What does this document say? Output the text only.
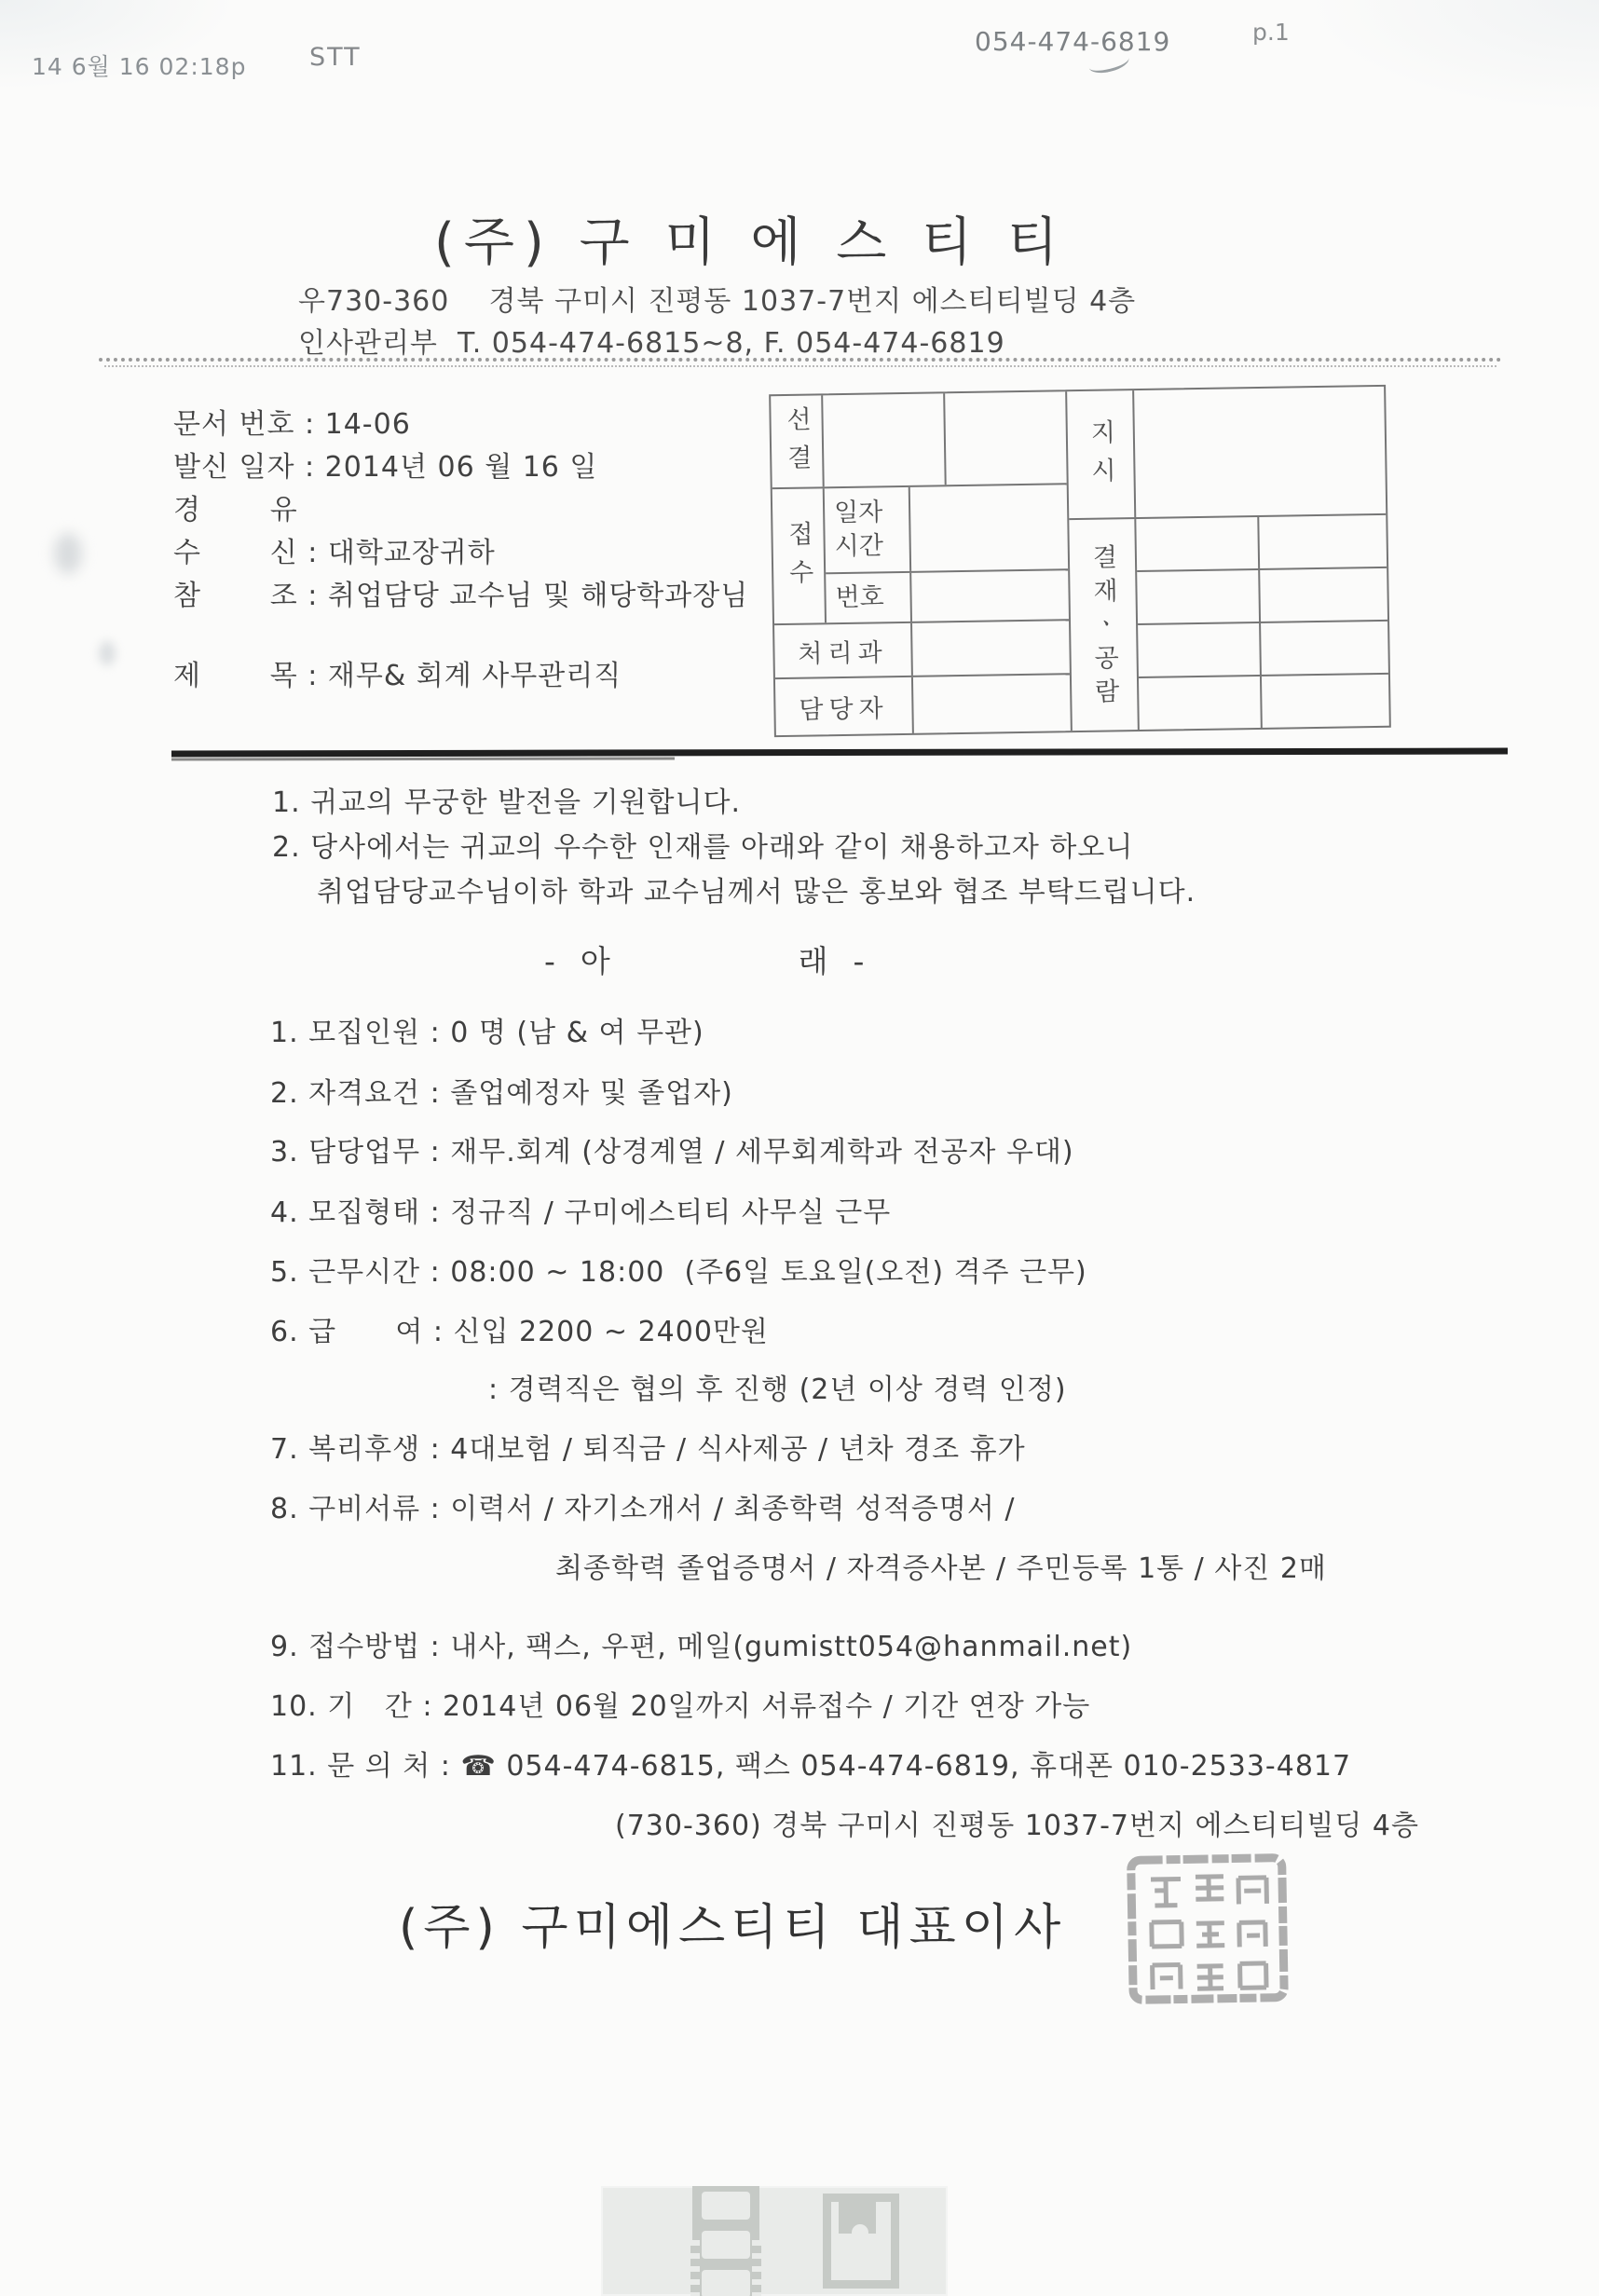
14 6월 16 02:18p	STT
054-474-6819	p.1
(주) 구 미 에 스 티 티
우730-360    경북 구미시 진평동 1037-7번지 에스티티빌딩 4층
인사관리부  T. 054-474-6815~8, F. 054-474-6819
문서 번호 : 14-06
발신 일자 : 2014년 06 월 16 일
경       유
수       신 : 대학교장귀하
참       조 : 취업담당 교수님 및 해당학과장님
제       목 : 재무& 회계 사무관리직
선결
접수
일자 시간
번호
처리과
담당자
지시
결재ㆍ공람
1. 귀교의 무궁한 발전을 기원합니다.
2. 당사에서는 귀교의 우수한 인재를 아래와 같이 채용하고자 하오니
취업담당교수님이하 학과 교수님께서 많은 홍보와 협조 부탁드립니다.
-  아                래  -
1. 모집인원 : 0 명 (남 & 여 무관)
2. 자격요건 : 졸업예정자 및 졸업자)
3. 담당업무 : 재무.회계 (상경계열 / 세무회계학과 전공자 우대)
4. 모집형태 : 정규직 / 구미에스티티 사무실 근무
5. 근무시간 : 08:00 ~ 18:00  (주6일 토요일(오전) 격주 근무)
6. 급      여 : 신입 2200 ~ 2400만원
: 경력직은 협의 후 진행 (2년 이상 경력 인정)
7. 복리후생 : 4대보험 / 퇴직금 / 식사제공 / 년차 경조 휴가
8. 구비서류 : 이력서 / 자기소개서 / 최종학력 성적증명서 /
최종학력 졸업증명서 / 자격증사본 / 주민등록 1통 / 사진 2매
9. 접수방법 : 내사, 팩스, 우편, 메일(gumistt054@hanmail.net)
10. 기   간 : 2014년 06월 20일까지 서류접수 / 기간 연장 가능
11. 문 의 처 : ☎ 054-474-6815, 팩스 054-474-6819, 휴대폰 010-2533-4817
(730-360) 경북 구미시 진평동 1037-7번지 에스티티빌딩 4층
(주) 구미에스티티 대표이사
